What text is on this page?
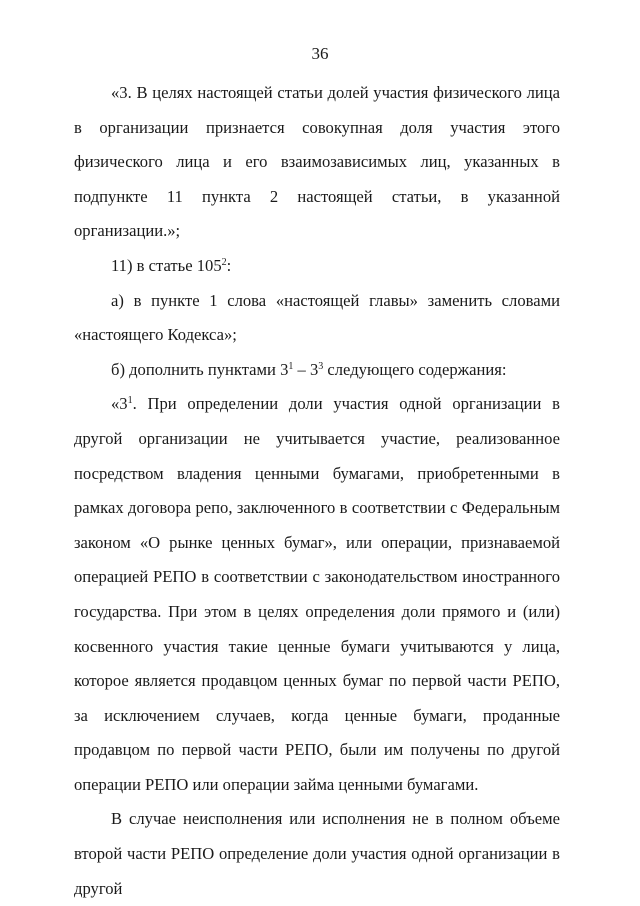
36

«3. В целях настоящей статьи долей участия физического лица в организации признается совокупная доля участия этого физического лица и его взаимозависимых лиц, указанных в подпункте 11 пункта 2 настоящей статьи, в указанной организации.»;

11) в статье $105^2$:

а) в пункте 1 слова «настоящей главы» заменить словами «настоящего Кодекса»;

б) дополнить пунктами $3^1 - 3^3$ следующего содержания:

«$3^1$. При определении доли участия одной организации в другой организации не учитывается участие, реализованное посредством владения ценными бумагами, приобретенными в рамках договора репо, заключенного в соответствии с Федеральным законом «О рынке ценных бумаг», или операции, признаваемой операцией РЕПО в соответствии с законодательством иностранного государства. При этом в целях определения доли прямого и (или) косвенного участия такие ценные бумаги учитываются у лица, которое является продавцом ценных бумаг по первой части РЕПО, за исключением случаев, когда ценные бумаги, проданные продавцом по первой части РЕПО, были им получены по другой операции РЕПО или операции займа ценными бумагами.

В случае неисполнения или исполнения не в полном объеме второй части РЕПО определение доли участия одной организации в другой
